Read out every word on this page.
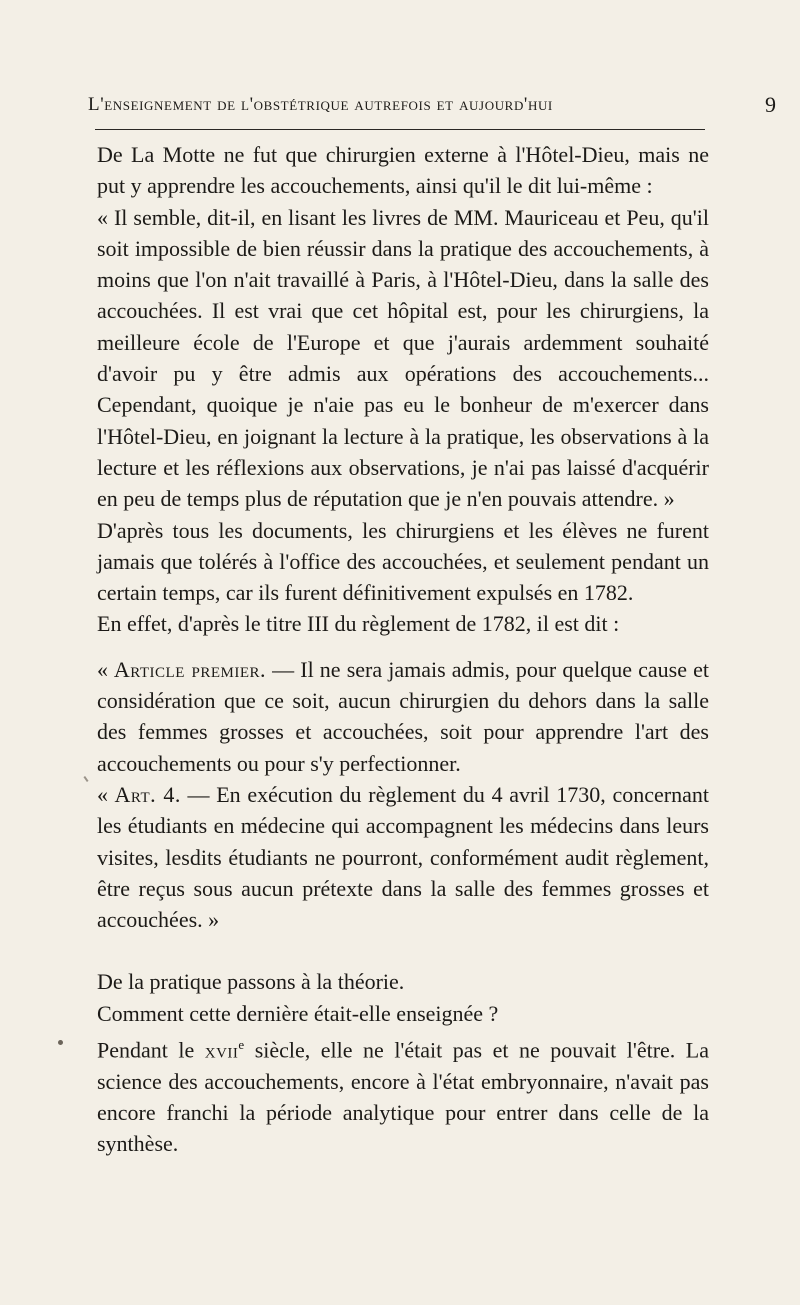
L'enseignement de l'obstétrique autrefois et aujourd'hui	9

De La Motte ne fut que chirurgien externe à l'Hôtel-Dieu, mais ne put y apprendre les accouchements, ainsi qu'il le dit lui-même :

« Il semble, dit-il, en lisant les livres de MM. Mauriceau et Peu, qu'il soit impossible de bien réussir dans la pratique des accouchements, à moins que l'on n'ait travaillé à Paris, à l'Hôtel-Dieu, dans la salle des accouchées. Il est vrai que cet hôpital est, pour les chirurgiens, la meilleure école de l'Europe et que j'aurais ardemment souhaité d'avoir pu y être admis aux opérations des accouchements... Cependant, quoique je n'aie pas eu le bonheur de m'exercer dans l'Hôtel-Dieu, en joignant la lecture à la pratique, les observations à la lecture et les réflexions aux observations, je n'ai pas laissé d'acquérir en peu de temps plus de réputation que je n'en pouvais attendre. »

D'après tous les documents, les chirurgiens et les élèves ne furent jamais que tolérés à l'office des accouchées, et seulement pendant un certain temps, car ils furent définitivement expulsés en 1782.

En effet, d'après le titre III du règlement de 1782, il est dit :

« Article premier. — Il ne sera jamais admis, pour quelque cause et considération que ce soit, aucun chirurgien du dehors dans la salle des femmes grosses et accouchées, soit pour apprendre l'art des accouchements ou pour s'y perfectionner.

« Art. 4. — En exécution du règlement du 4 avril 1730, concernant les étudiants en médecine qui accompagnent les médecins dans leurs visites, lesdits étudiants ne pourront, conformément audit règlement, être reçus sous aucun prétexte dans la salle des femmes grosses et accouchées. »

De la pratique passons à la théorie.

Comment cette dernière était-elle enseignée ?

Pendant le xvii$^e$ siècle, elle ne l'était pas et ne pouvait l'être. La science des accouchements, encore à l'état embryonnaire, n'avait pas encore franchi la période analytique pour entrer dans celle de la synthèse.
